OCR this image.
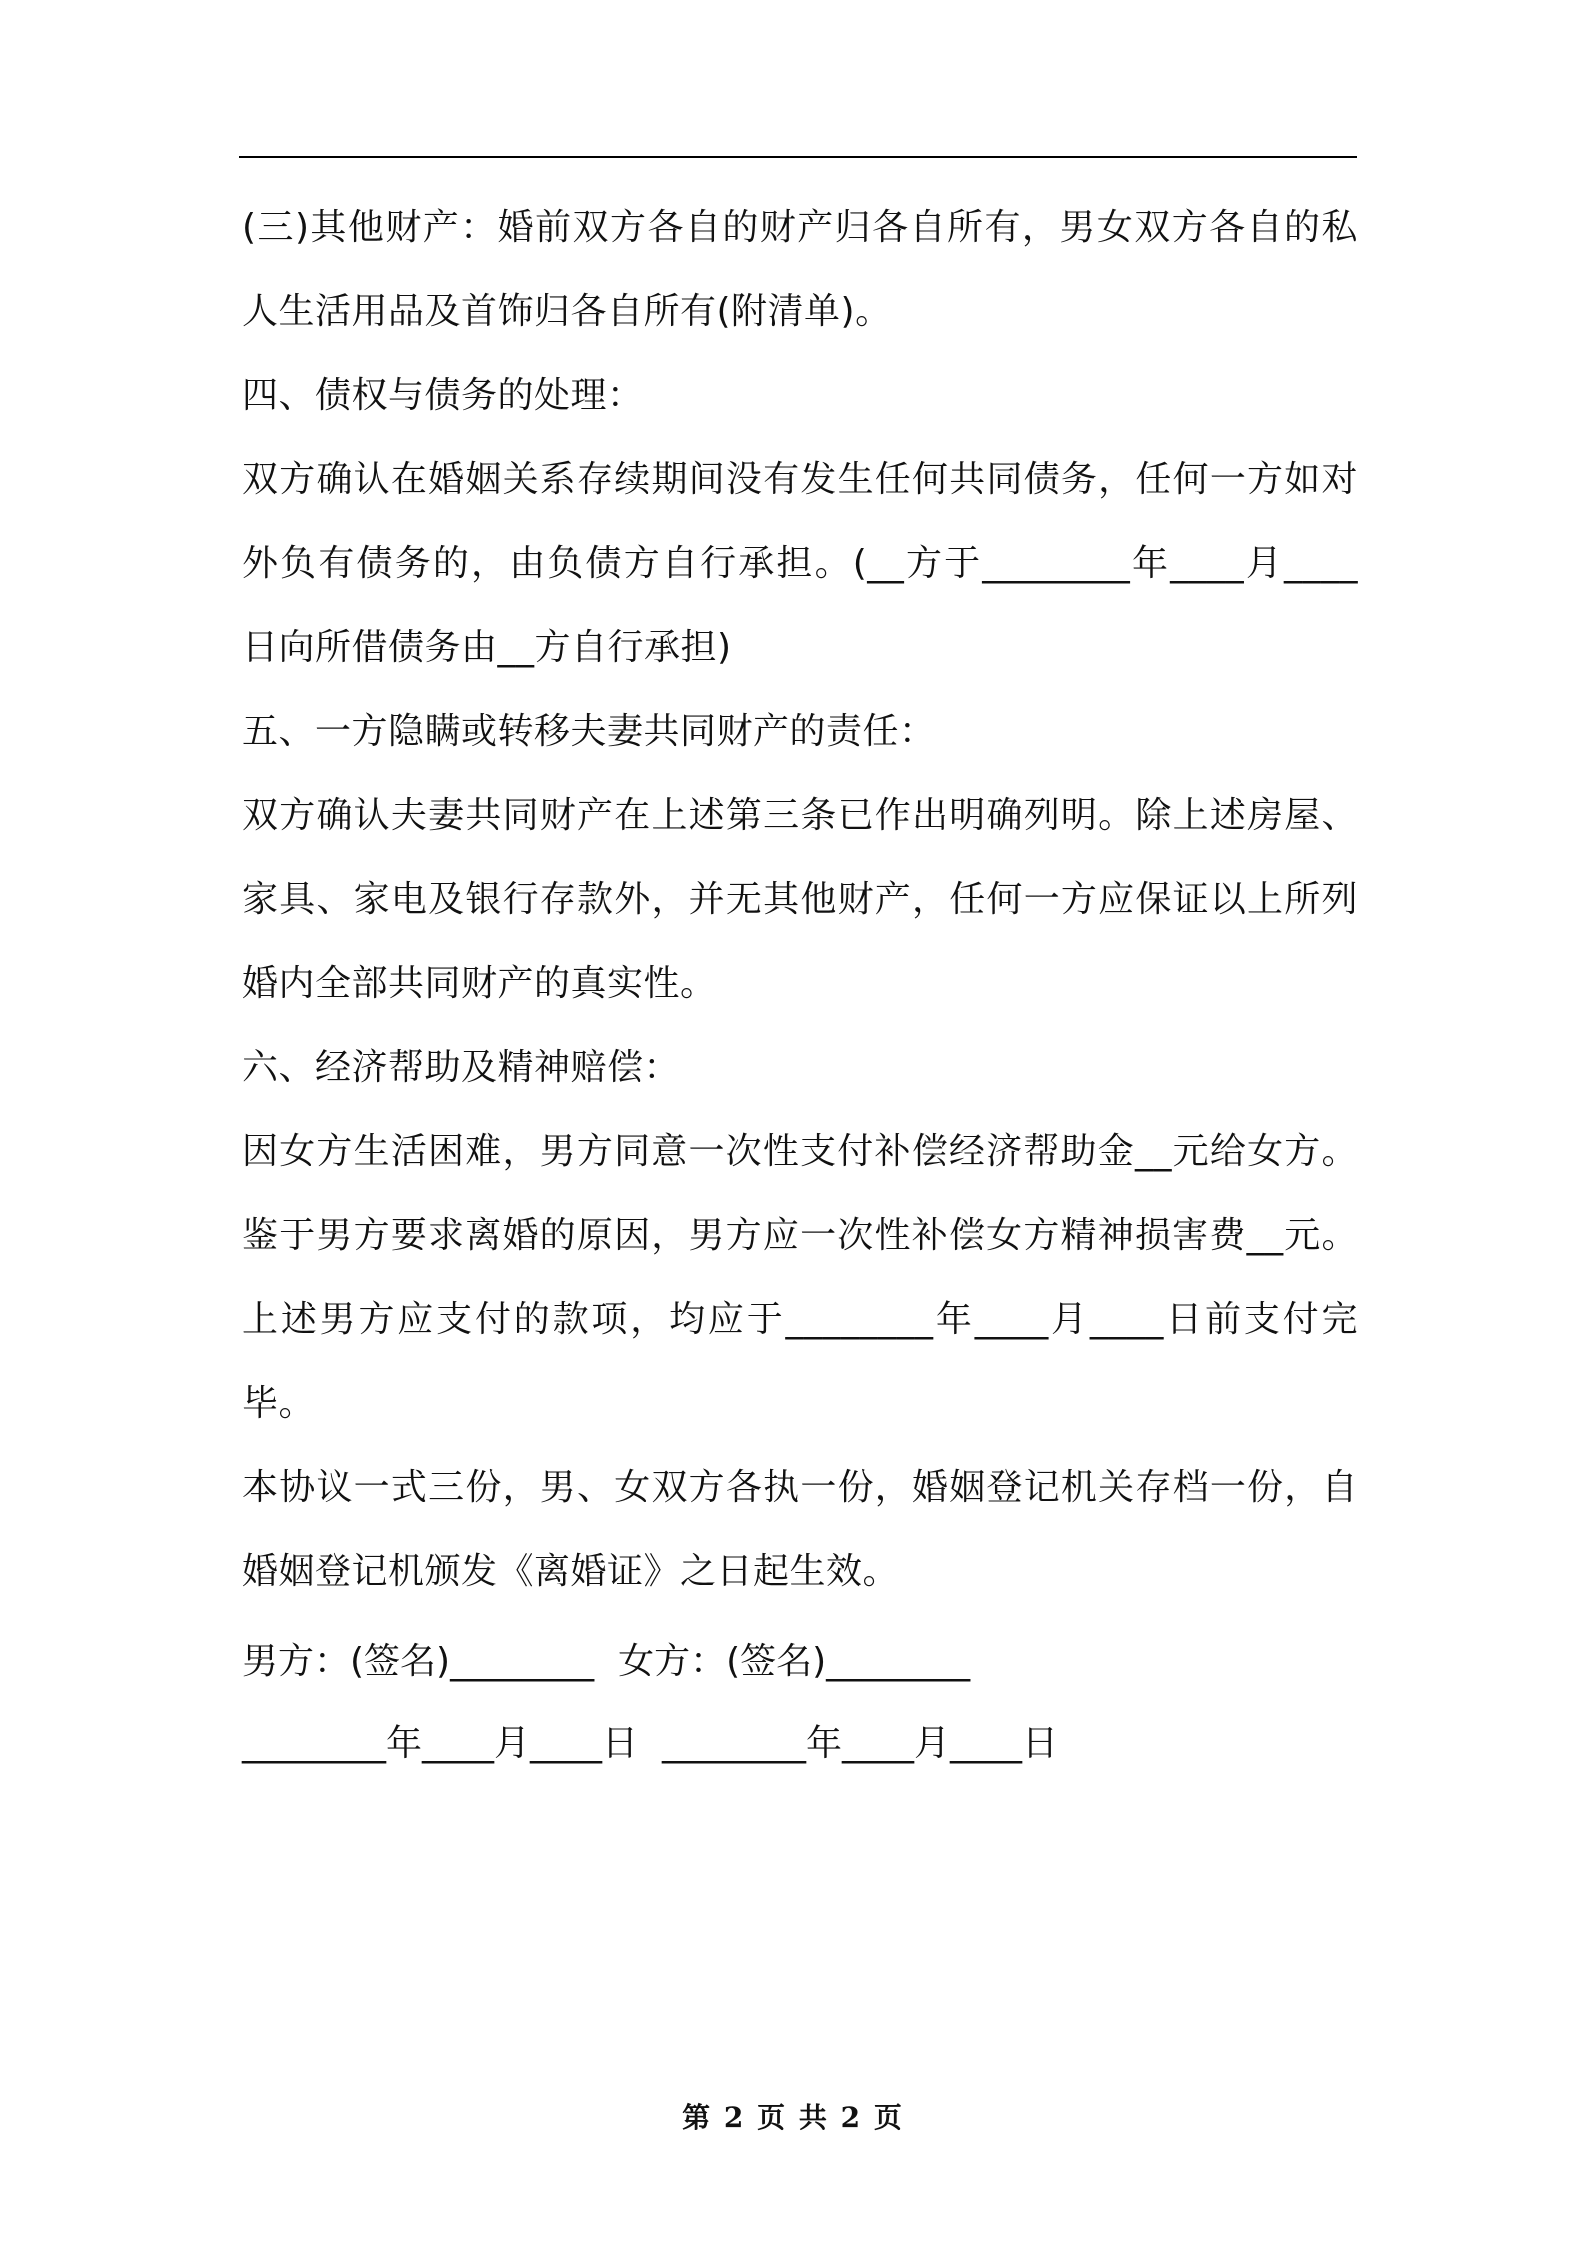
(三)其他财产：婚前双方各自的财产归各自所有，男女双方各自的私
人生活用品及首饰归各自所有(附清单)。
四、债权与债务的处理：
双方确认在婚姻关系存续期间没有发生任何共同债务，任何一方如对
外负有债务的，由负债方自行承担。(__方于________年____月____
日向所借债务由__方自行承担)
五、一方隐瞒或转移夫妻共同财产的责任：
双方确认夫妻共同财产在上述第三条已作出明确列明。除上述房屋、
家具、家电及银行存款外，并无其他财产，任何一方应保证以上所列
婚内全部共同财产的真实性。
六、经济帮助及精神赔偿：
因女方生活困难，男方同意一次性支付补偿经济帮助金__元给女方。
鉴于男方要求离婚的原因，男方应一次性补偿女方精神损害费__元。
上述男方应支付的款项，均应于________年____月____日前支付完
毕。
本协议一式三份，男、女双方各执一份，婚姻登记机关存档一份，自
婚姻登记机颁发《离婚证》之日起生效。
男方：(签名)________ 女方：(签名)________
________年____月____日 ________年____月____日
第 2 页 共 2 页
